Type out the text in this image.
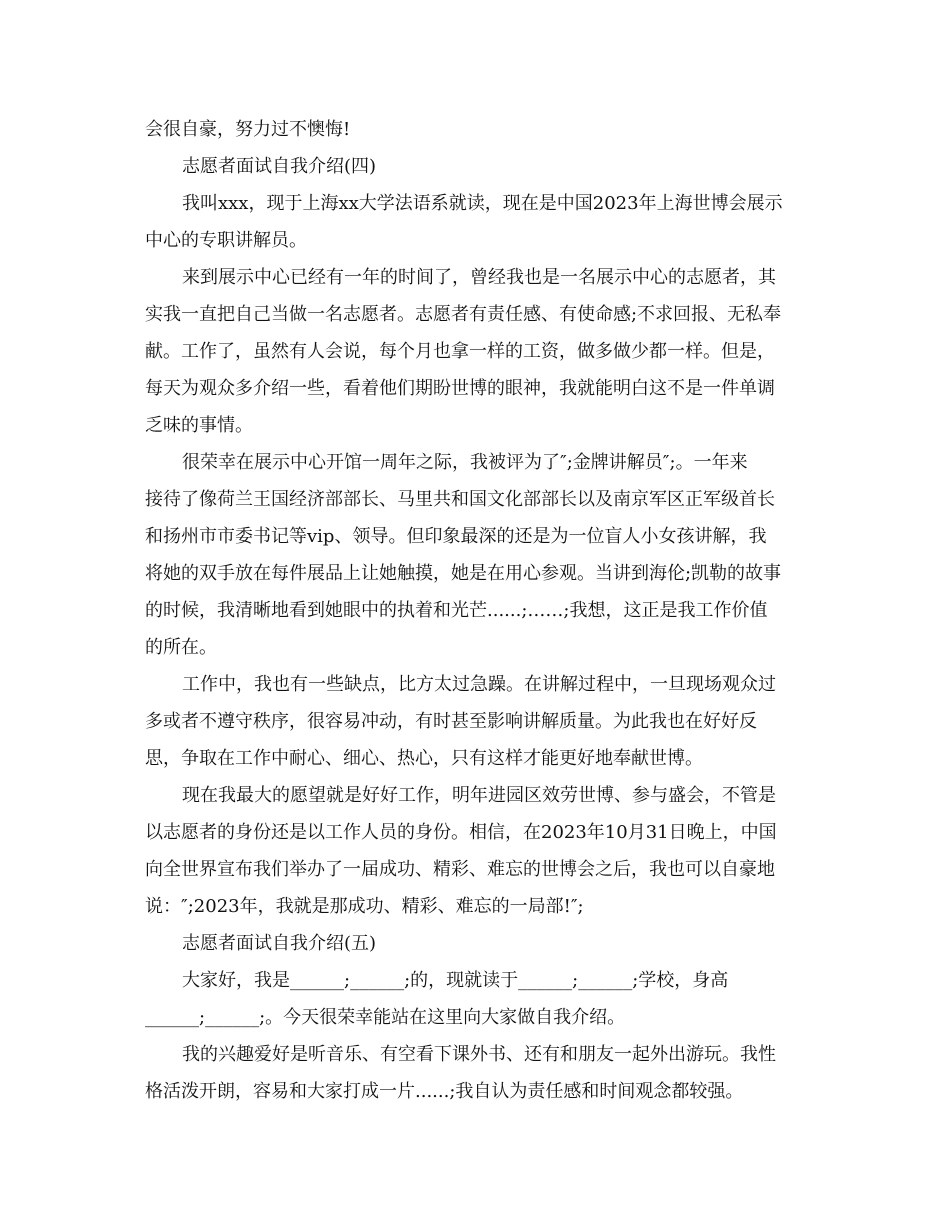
会很自豪，努力过不懊悔!
志愿者面试自我介绍(四)
我叫xxx，现于上海xx大学法语系就读，现在是中国2023年上海世博会展示
中心的专职讲解员。
来到展示中心已经有一年的时间了，曾经我也是一名展示中心的志愿者，其
实我一直把自己当做一名志愿者。志愿者有责任感、有使命感;不求回报、无私奉
献。工作了，虽然有人会说，每个月也拿一样的工资，做多做少都一样。但是，
每天为观众多介绍一些，看着他们期盼世博的眼神，我就能明白这不是一件单调
乏味的事情。
很荣幸在展示中心开馆一周年之际，我被评为了″;金牌讲解员″;。一年来
接待了像荷兰王国经济部部长、马里共和国文化部部长以及南京军区正军级首长
和扬州市市委书记等vip、领导。但印象最深的还是为一位盲人小女孩讲解，我
将她的双手放在每件展品上让她触摸，她是在用心参观。当讲到海伦;凯勒的故事
的时候，我清晰地看到她眼中的执着和光芒......;……;我想，这正是我工作价值
的所在。
工作中，我也有一些缺点，比方太过急躁。在讲解过程中，一旦现场观众过
多或者不遵守秩序，很容易冲动，有时甚至影响讲解质量。为此我也在好好反
思，争取在工作中耐心、细心、热心，只有这样才能更好地奉献世博。
现在我最大的愿望就是好好工作，明年进园区效劳世博、参与盛会，不管是
以志愿者的身份还是以工作人员的身份。相信，在2023年10月31日晚上，中国
向全世界宣布我们举办了一届成功、精彩、难忘的世博会之后，我也可以自豪地
说：″;2023年，我就是那成功、精彩、难忘的一局部!″;
志愿者面试自我介绍(五)
大家好，我是______;______;的，现就读于______;______;学校，身高
______;______;。今天很荣幸能站在这里向大家做自我介绍。
我的兴趣爱好是听音乐、有空看下课外书、还有和朋友一起外出游玩。我性
格活泼开朗，容易和大家打成一片......;我自认为责任感和时间观念都较强。
